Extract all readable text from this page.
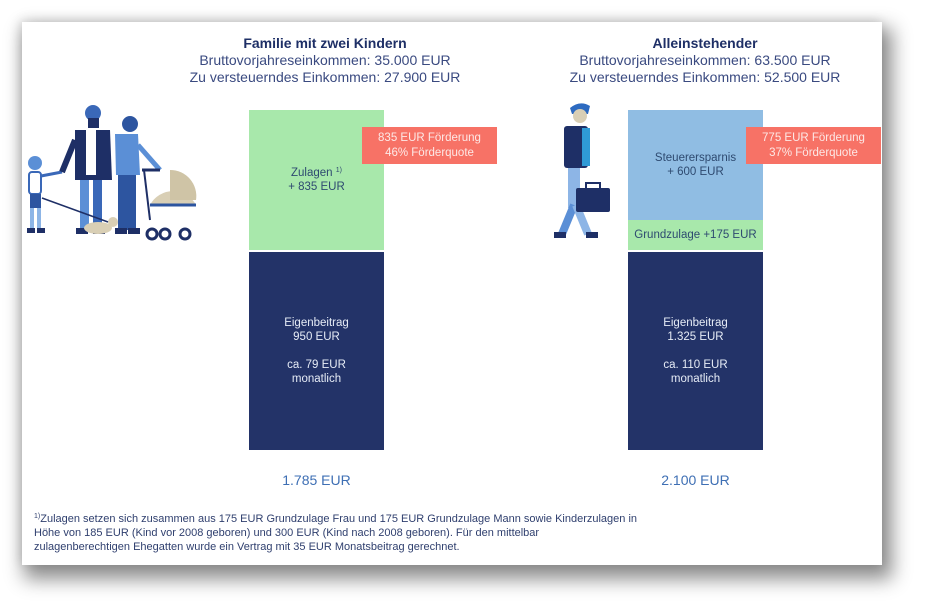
Familie mit zwei Kindern
Bruttovorjahreseinkommen: 35.000 EUR
Zu versteuerndes Einkommen: 27.900 EUR
Alleinstehender
Bruttovorjahreseinkommen: 63.500 EUR
Zu versteuerndes Einkommen: 52.500 EUR
Zulagen $^{1)}$
+ 835 EUR
Eigenbeitrag
950 EUR
ca. 79 EUR
monatlich
835 EUR Förderung
46% Förderquote
1.785 EUR
Steuerersparnis
+ 600 EUR
Grundzulage +175 EUR
Eigenbeitrag
1.325 EUR
ca. 110 EUR
monatlich
775 EUR Förderung
37% Förderquote
2.100 EUR
$^{1)}$Zulagen setzen sich zusammen aus 175 EUR Grundzulage Frau und 175 EUR Grundzulage Mann sowie Kinderzulagen in
Höhe von 185 EUR (Kind vor 2008 geboren) und 300 EUR (Kind nach 2008 geboren). Für den mittelbar
zulagenberechtigen Ehegatten wurde ein Vertrag mit 35 EUR Monatsbeitrag gerechnet.
